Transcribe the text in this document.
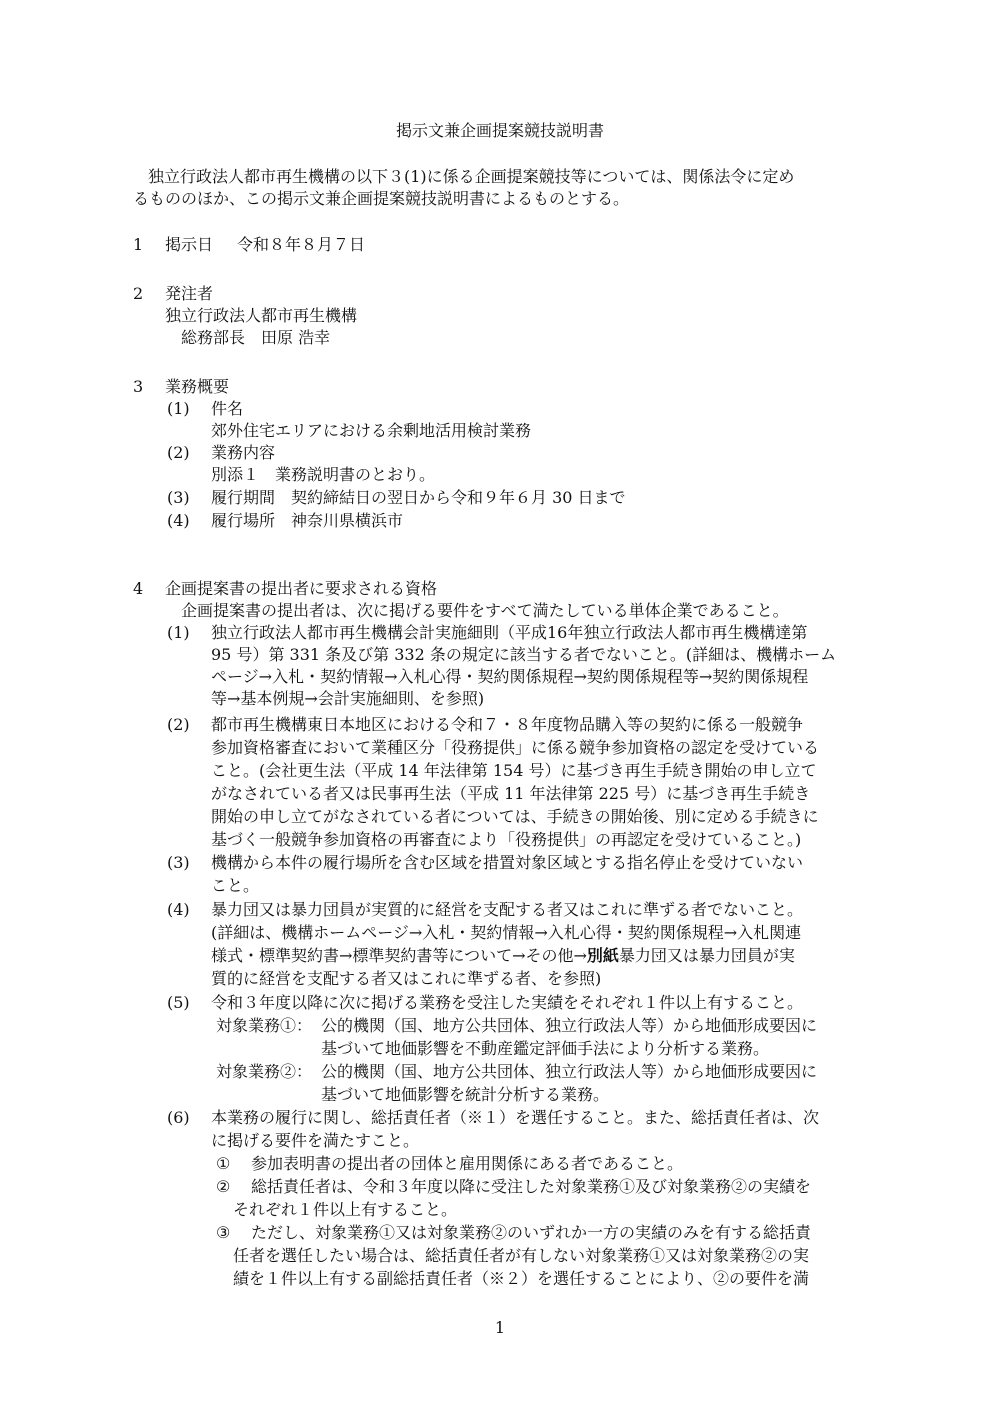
掲示文兼企画提案競技説明書
独立行政法人都市再生機構の以下３(1)に係る企画提案競技等については、関係法令に定め
るもののほか、この掲示文兼企画提案競技説明書によるものとする。
1 掲示日 令和８年８月７日
2 発注者
独立行政法人都市再生機構
総務部長　田原 浩幸
3 業務概要
(1) 件名
郊外住宅エリアにおける余剰地活用検討業務
(2) 業務内容
別添１　業務説明書のとおり。
(3) 履行期間　契約締結日の翌日から令和９年６月 30 日まで
(4) 履行場所　神奈川県横浜市
4 企画提案書の提出者に要求される資格
企画提案書の提出者は、次に掲げる要件をすべて満たしている単体企業であること。
(1) 独立行政法人都市再生機構会計実施細則（平成16年独立行政法人都市再生機構達第
95 号）第 331 条及び第 332 条の規定に該当する者でないこと。(詳細は、機構ホーム
ページ→入札・契約情報→入札心得・契約関係規程→契約関係規程等→契約関係規程
等→基本例規→会計実施細則、を参照)
(2) 都市再生機構東日本地区における令和７・８年度物品購入等の契約に係る一般競争
参加資格審査において業種区分「役務提供」に係る競争参加資格の認定を受けている
こと。(会社更生法（平成 14 年法律第 154 号）に基づき再生手続き開始の申し立て
がなされている者又は民事再生法（平成 11 年法律第 225 号）に基づき再生手続き
開始の申し立てがなされている者については、手続きの開始後、別に定める手続きに
基づく一般競争参加資格の再審査により「役務提供」の再認定を受けていること。)
(3) 機構から本件の履行場所を含む区域を措置対象区域とする指名停止を受けていない
こと。
(4) 暴力団又は暴力団員が実質的に経営を支配する者又はこれに準ずる者でないこと。
(詳細は、機構ホームページ→入札・契約情報→入札心得・契約関係規程→入札関連
様式・標準契約書→標準契約書等について→その他→別紙暴力団又は暴力団員が実
質的に経営を支配する者又はこれに準ずる者、を参照)
(5) 令和３年度以降に次に掲げる業務を受注した実績をそれぞれ１件以上有すること。
対象業務①： 公的機関（国、地方公共団体、独立行政法人等）から地価形成要因に
基づいて地価影響を不動産鑑定評価手法により分析する業務。
対象業務②： 公的機関（国、地方公共団体、独立行政法人等）から地価形成要因に
基づいて地価影響を統計分析する業務。
(6) 本業務の履行に関し、総括責任者（※１）を選任すること。また、総括責任者は、次
に掲げる要件を満たすこと。
① 参加表明書の提出者の団体と雇用関係にある者であること。
② 総括責任者は、令和３年度以降に受注した対象業務①及び対象業務②の実績を
それぞれ１件以上有すること。
③ ただし、対象業務①又は対象業務②のいずれか一方の実績のみを有する総括責
任者を選任したい場合は、総括責任者が有しない対象業務①又は対象業務②の実
績を１件以上有する副総括責任者（※２）を選任することにより、②の要件を満
1
